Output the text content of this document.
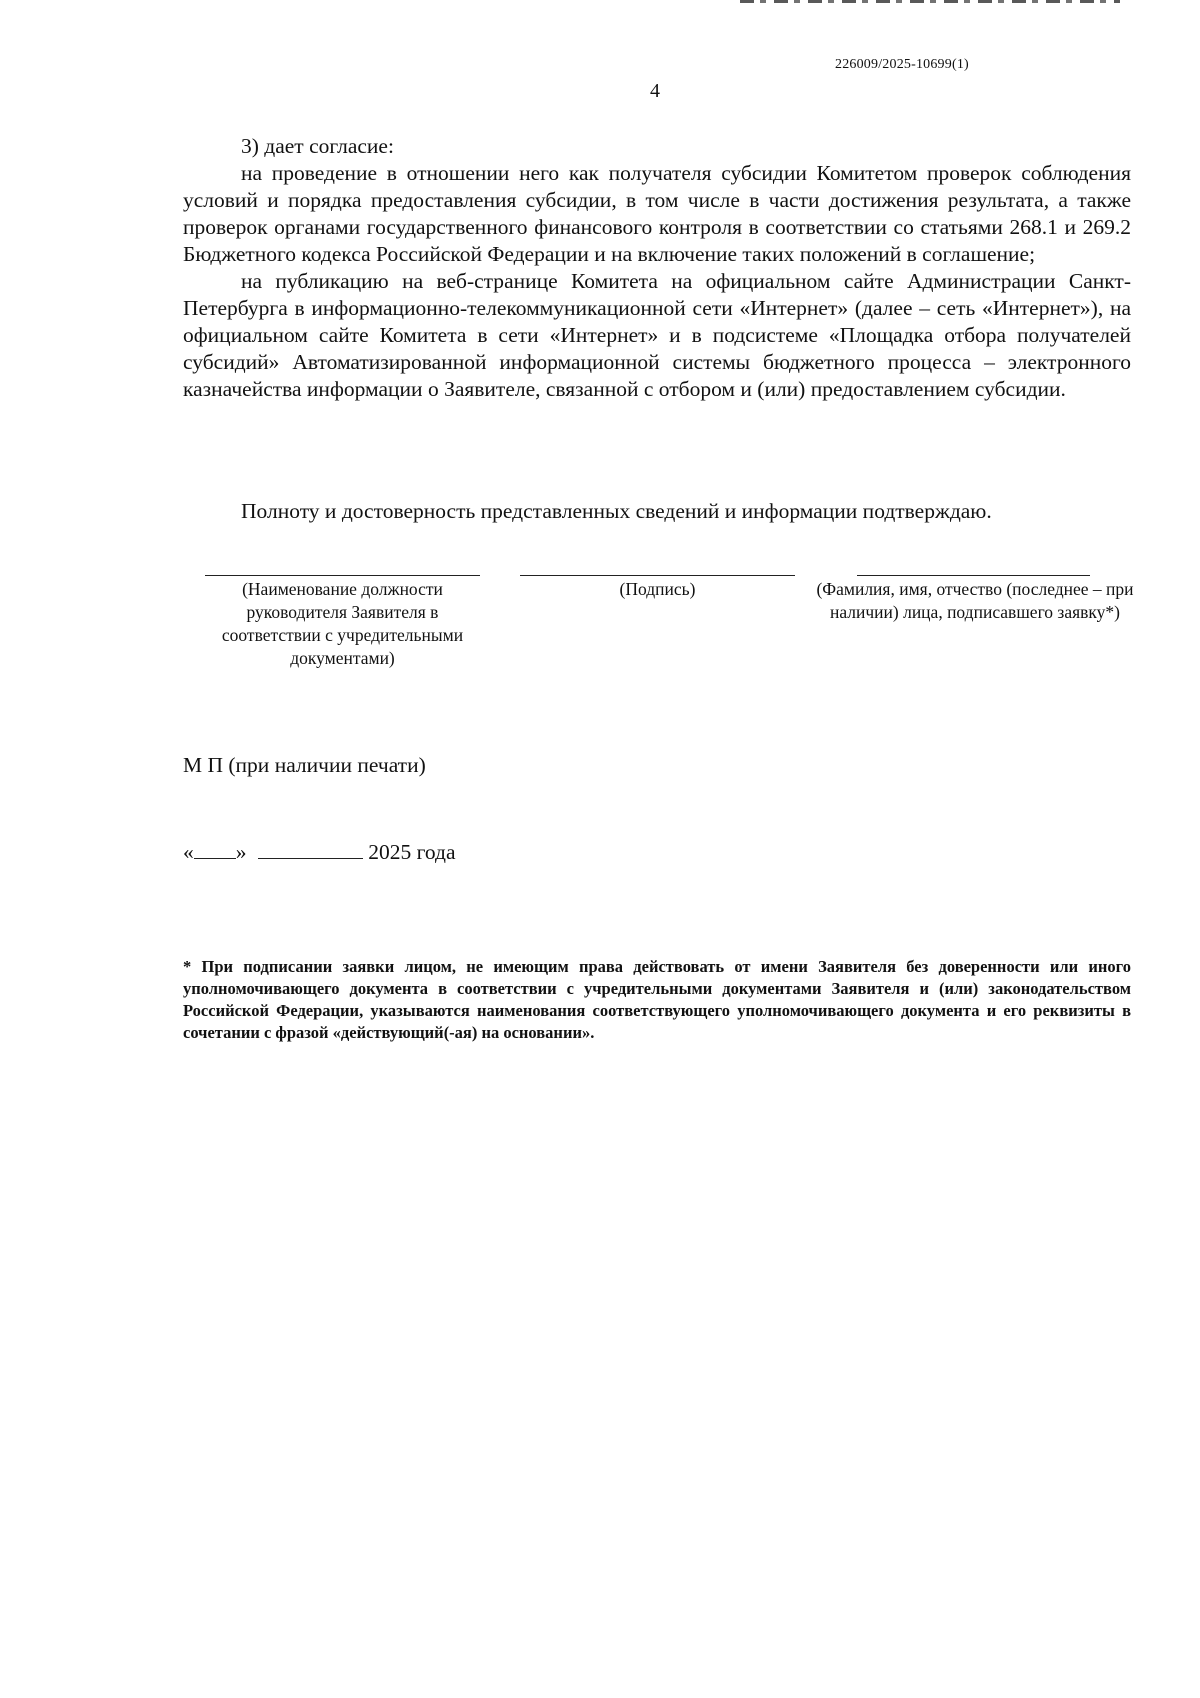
226009/2025-10699(1)
4

3) дает согласие:

на проведение в отношении него как получателя субсидии Комитетом проверок соблюдения условий и порядка предоставления субсидии, в том числе в части достижения результата, а также проверок органами государственного финансового контроля в соответствии со статьями 268.1 и 269.2 Бюджетного кодекса Российской Федерации и на включение таких положений в соглашение;

на публикацию на веб-странице Комитета на официальном сайте Администрации Санкт-Петербурга в информационно-телекоммуникационной сети «Интернет» (далее – сеть «Интернет»), на официальном сайте Комитета в сети «Интернет» и в подсистеме «Площадка отбора получателей субсидий» Автоматизированной информационной системы бюджетного процесса – электронного казначейства информации о Заявителе, связанной с отбором и (или) предоставлением субсидии.

Полноту и достоверность представленных сведений и информации подтверждаю.
(Наименование должности руководителя Заявителя в соответствии с учредительными документами)
(Подпись)	(Фамилия, имя, отчество (последнее – при наличии) лица, подписавшего заявку*)
М П (при наличии печати)
« »	2025 года
* При подписании заявки лицом, не имеющим права действовать от имени Заявителя без доверенности или иного уполномочивающего документа в соответствии с учредительными документами Заявителя и (или) законодательством Российской Федерации, указываются наименования соответствующего уполномочивающего документа и его реквизиты в сочетании с фразой «действующий(-ая) на основании».
